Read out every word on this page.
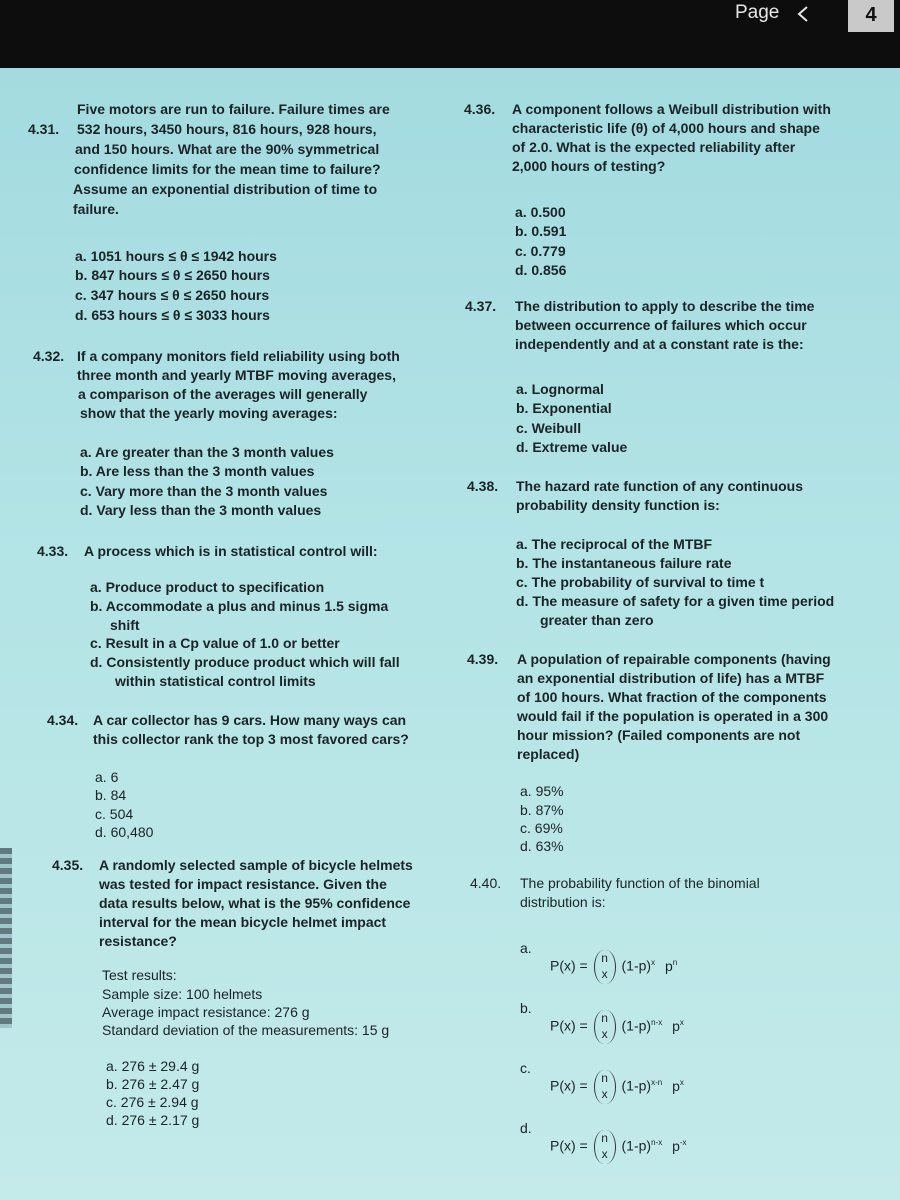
Page	4
4.31.
Five motors are run to failure. Failure times are
532 hours, 3450 hours, 816 hours, 928 hours,
and 150 hours. What are the 90% symmetrical
confidence limits for the mean time to failure?
Assume an exponential distribution of time to
failure.
a. 1051 hours ≤ θ ≤ 1942 hours
b. 847 hours ≤ θ ≤ 2650 hours
c. 347 hours ≤ θ ≤ 2650 hours
d. 653 hours ≤ θ ≤ 3033 hours
4.32. If a company monitors field reliability using both
three month and yearly MTBF moving averages,
a comparison of the averages will generally
show that the yearly moving averages:
a. Are greater than the 3 month values
b. Are less than the 3 month values
c. Vary more than the 3 month values
d. Vary less than the 3 month values
4.33. A process which is in statistical control will:
a. Produce product to specification
b. Accommodate a plus and minus 1.5 sigma
shift
c. Result in a Cp value of 1.0 or better
d. Consistently produce product which will fall
within statistical control limits
4.34. A car collector has 9 cars. How many ways can
this collector rank the top 3 most favored cars?
a. 6
b. 84
c. 504
d. 60,480
4.35. A randomly selected sample of bicycle helmets
was tested for impact resistance. Given the
data results below, what is the 95% confidence
interval for the mean bicycle helmet impact
resistance?
Test results:
Sample size: 100 helmets
Average impact resistance: 276 g
Standard deviation of the measurements: 15 g
a. 276 ± 29.4 g
b. 276 ± 2.47 g
c. 276 ± 2.94 g
d. 276 ± 2.17 g
4.36. A component follows a Weibull distribution with
characteristic life (θ) of 4,000 hours and shape
of 2.0. What is the expected reliability after
2,000 hours of testing?
a. 0.500
b. 0.591
c. 0.779
d. 0.856
4.37. The distribution to apply to describe the time
between occurrence of failures which occur
independently and at a constant rate is the:
a. Lognormal
b. Exponential
c. Weibull
d. Extreme value
4.38. The hazard rate function of any continuous
probability density function is:
a. The reciprocal of the MTBF
b. The instantaneous failure rate
c. The probability of survival to time t
d. The measure of safety for a given time period
greater than zero
4.39. A population of repairable components (having
an exponential distribution of life) has a MTBF
of 100 hours. What fraction of the components
would fail if the population is operated in a 300
hour mission? (Failed components are not
replaced)
a. 95%
b. 87%
c. 69%
d. 63%
4.40. The probability function of the binomial
distribution is:
a.
P(x) =	n
x
$(1-p)^x$ $p^n$
b.
P(x) =	n
x
$(1-p)^{n-x}$ $p^x$
c.
P(x) =	n
x
$(1-p)^{x-n}$ $p^x$
d.
P(x) =	n
x
$(1-p)^{n-x}$ $p^{-x}$
